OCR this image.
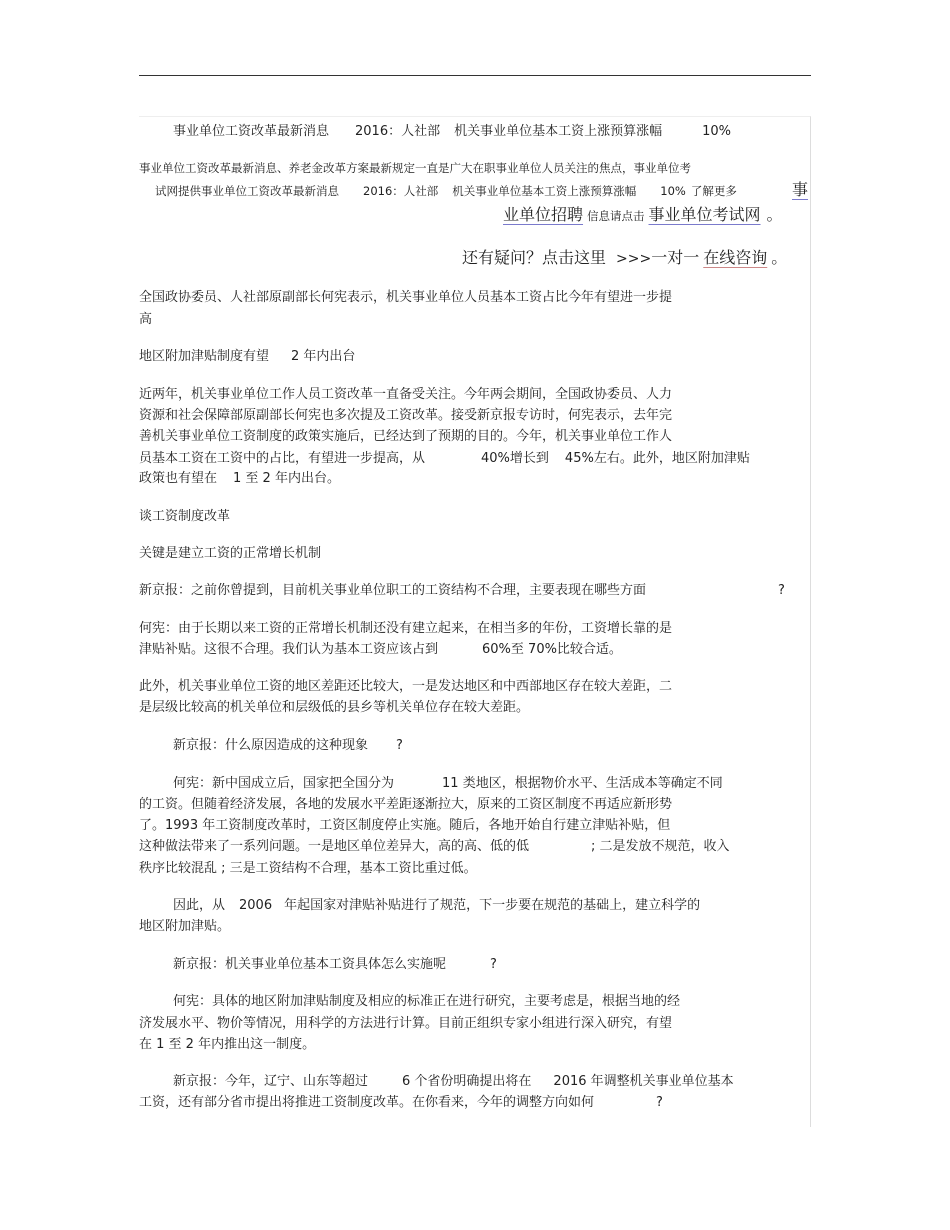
事业单位工资改革最新消息 2016：人社部 机关事业单位基本工资上涨预算涨幅	10%
事业单位工资改革最新消息、养老金改革方案最新规定一直是广大在职事业单位人员关注的焦点，事业单位考
试网提供事业单位工资改革最新消息 2016：人社部 机关事业单位基本工资上涨预算涨幅 10% 了解更多	事
业单位招聘 信息请点击 事业单位考试网 。
还有疑问？点击这里 >>>一对一 在线咨询 。
全国政协委员、人社部原副部长何宪表示，机关事业单位人员基本工资占比今年有望进一步提
高
地区附加津贴制度有望 2 年内出台
近两年，机关事业单位工作人员工资改革一直备受关注。今年两会期间，全国政协委员、人力
资源和社会保障部原副部长何宪也多次提及工资改革。接受新京报专访时，何宪表示，去年完
善机关事业单位工资制度的政策实施后，已经达到了预期的目的。今年，机关事业单位工作人
员基本工资在工资中的占比，有望进一步提高，从	40%增长到 45%左右。此外，地区附加津贴
政策也有望在 1 至 2 年内出台。
谈工资制度改革
关键是建立工资的正常增长机制
新京报：之前你曾提到，目前机关事业单位职工的工资结构不合理，主要表现在哪些方面	?
何宪：由于长期以来工资的正常增长机制还没有建立起来，在相当多的年份，工资增长靠的是
津贴补贴。这很不合理。我们认为基本工资应该占到	60%至 70%比较合适。
此外，机关事业单位工资的地区差距还比较大，一是发达地区和中西部地区存在较大差距，二
是层级比较高的机关单位和层级低的县乡等机关单位存在较大差距。
新京报：什么原因造成的这种现象 ?
何宪：新中国成立后，国家把全国分为	11 类地区，根据物价水平、生活成本等确定不同
的工资。但随着经济发展，各地的发展水平差距逐渐拉大，原来的工资区制度不再适应新形势
了。1993 年工资制度改革时，工资区制度停止实施。随后，各地开始自行建立津贴补贴，但
这种做法带来了一系列问题。一是地区单位差异大，高的高、低的低	; 二是发放不规范，收入
秩序比较混乱 ; 三是工资结构不合理，基本工资比重过低。
因此，从 2006 年起国家对津贴补贴进行了规范，下一步要在规范的基础上，建立科学的
地区附加津贴。
新京报：机关事业单位基本工资具体怎么实施呢	?
何宪：具体的地区附加津贴制度及相应的标准正在进行研究，主要考虑是，根据当地的经
济发展水平、物价等情况，用科学的方法进行计算。目前正组织专家小组进行深入研究，有望
在 1 至 2 年内推出这一制度。
新京报：今年，辽宁、山东等超过	6 个省份明确提出将在 2016 年调整机关事业单位基本
工资，还有部分省市提出将推进工资制度改革。在你看来，今年的调整方向如何	?
